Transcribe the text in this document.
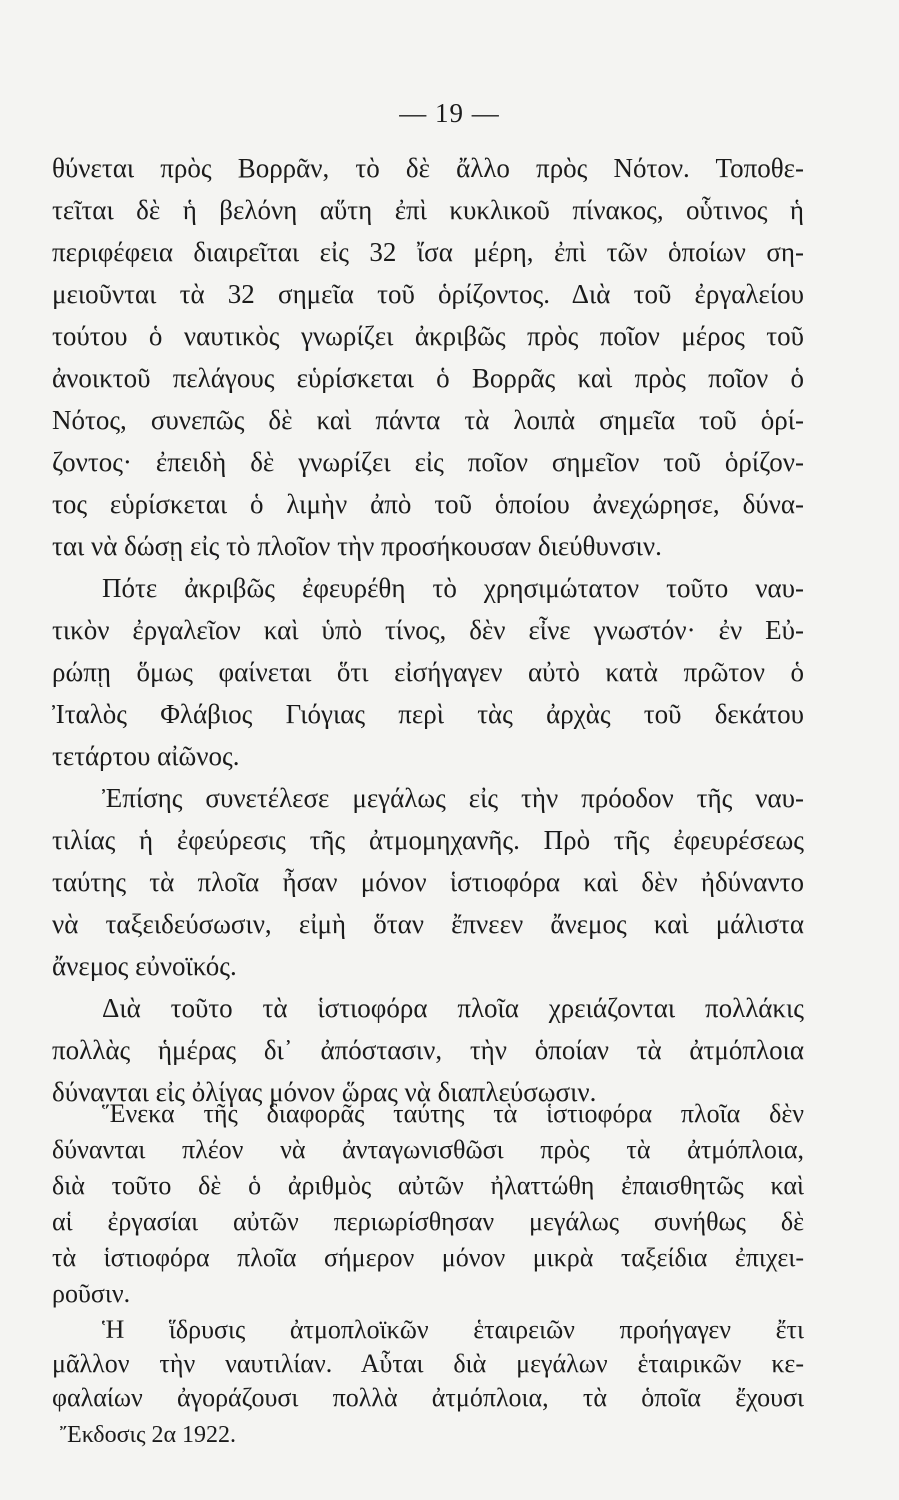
— 19 —
θύνεται πρὸς Βορρᾶν, τὸ δὲ ἄλλο πρὸς Νότον. Τοποθε-
τεῖται δὲ ἡ βελόνη αὕτη ἐπὶ κυκλικοῦ πίνακος, οὗτινος ἡ
περιφέφεια διαιρεῖται εἰς 32 ἴσα μέρη, ἐπὶ τῶν ὁποίων ση-
μειοῦνται τὰ 32 σημεῖα τοῦ ὁρίζοντος. Διὰ τοῦ ἐργαλείου
τούτου ὁ ναυτικὸς γνωρίζει ἀκριβῶς πρὸς ποῖον μέρος τοῦ
ἀνοικτοῦ πελάγους εὑρίσκεται ὁ Βορρᾶς καὶ πρὸς ποῖον ὁ
Νότος, συνεπῶς δὲ καὶ πάντα τὰ λοιπὰ σημεῖα τοῦ ὁρί-
ζοντος· ἐπειδὴ δὲ γνωρίζει εἰς ποῖον σημεῖον τοῦ ὁρίζον-
τος εὑρίσκεται ὁ λιμὴν ἀπὸ τοῦ ὁποίου ἀνεχώρησε, δύνα-
ται νὰ δώσῃ εἰς τὸ πλοῖον τὴν προσήκουσαν διεύθυνσιν.
Πότε ἀκριβῶς ἐφευρέθη τὸ χρησιμώτατον τοῦτο ναυ-
τικὸν ἐργαλεῖον καὶ ὑπὸ τίνος, δὲν εἶνε γνωστόν· ἐν Εὐ-
ρώπῃ ὅμως φαίνεται ὅτι εἰσήγαγεν αὐτὸ κατὰ πρῶτον ὁ
Ἰταλὸς Φλάβιος Γιόγιας περὶ τὰς ἀρχὰς τοῦ δεκάτου
τετάρτου αἰῶνος.
Ἐπίσης συνετέλεσε μεγάλως εἰς τὴν πρόοδον τῆς ναυ-
τιλίας ἡ ἐφεύρεσις τῆς ἀτμομηχανῆς. Πρὸ τῆς ἐφευρέσεως
ταύτης τὰ πλοῖα ἦσαν μόνον ἱστιοφόρα καὶ δὲν ἠδύναντο
νὰ ταξειδεύσωσιν, εἰμὴ ὅταν ἔπνεεν ἄνεμος καὶ μάλιστα
ἄνεμος εὐνοϊκός.
Διὰ τοῦτο τὰ ἱστιοφόρα πλοῖα χρειάζονται πολλάκις
πολλὰς ἡμέρας δι᾽ ἀπόστασιν, τὴν ὁποίαν τὰ ἀτμόπλοια
δύνανται εἰς ὀλίγας μόνον ὥρας νὰ διαπλεύσωσιν.
Ἕνεκα τῆς διαφορᾶς ταύτης τὰ ἱστιοφόρα πλοῖα δὲν
δύνανται πλέον νὰ ἀνταγωνισθῶσι πρὸς τὰ ἀτμόπλοια,
διὰ τοῦτο δὲ ὁ ἀριθμὸς αὐτῶν ἠλαττώθη ἐπαισθητῶς καὶ
αἱ ἐργασίαι αὐτῶν περιωρίσθησαν μεγάλως συνήθως δὲ
τὰ ἱστιοφόρα πλοῖα σήμερον μόνον μικρὰ ταξείδια ἐπιχει-
ροῦσιν.
Ἔκδοσις 2α 1922.
Ἡ ἵδρυσις ἀτμοπλοϊκῶν ἑταιρειῶν προήγαγεν ἔτι
μᾶλλον τὴν ναυτιλίαν. Αὗται διὰ μεγάλων ἑταιρικῶν κε-
φαλαίων ἀγοράζουσι πολλὰ ἀτμόπλοια, τὰ ὁποῖα ἔχουσι
